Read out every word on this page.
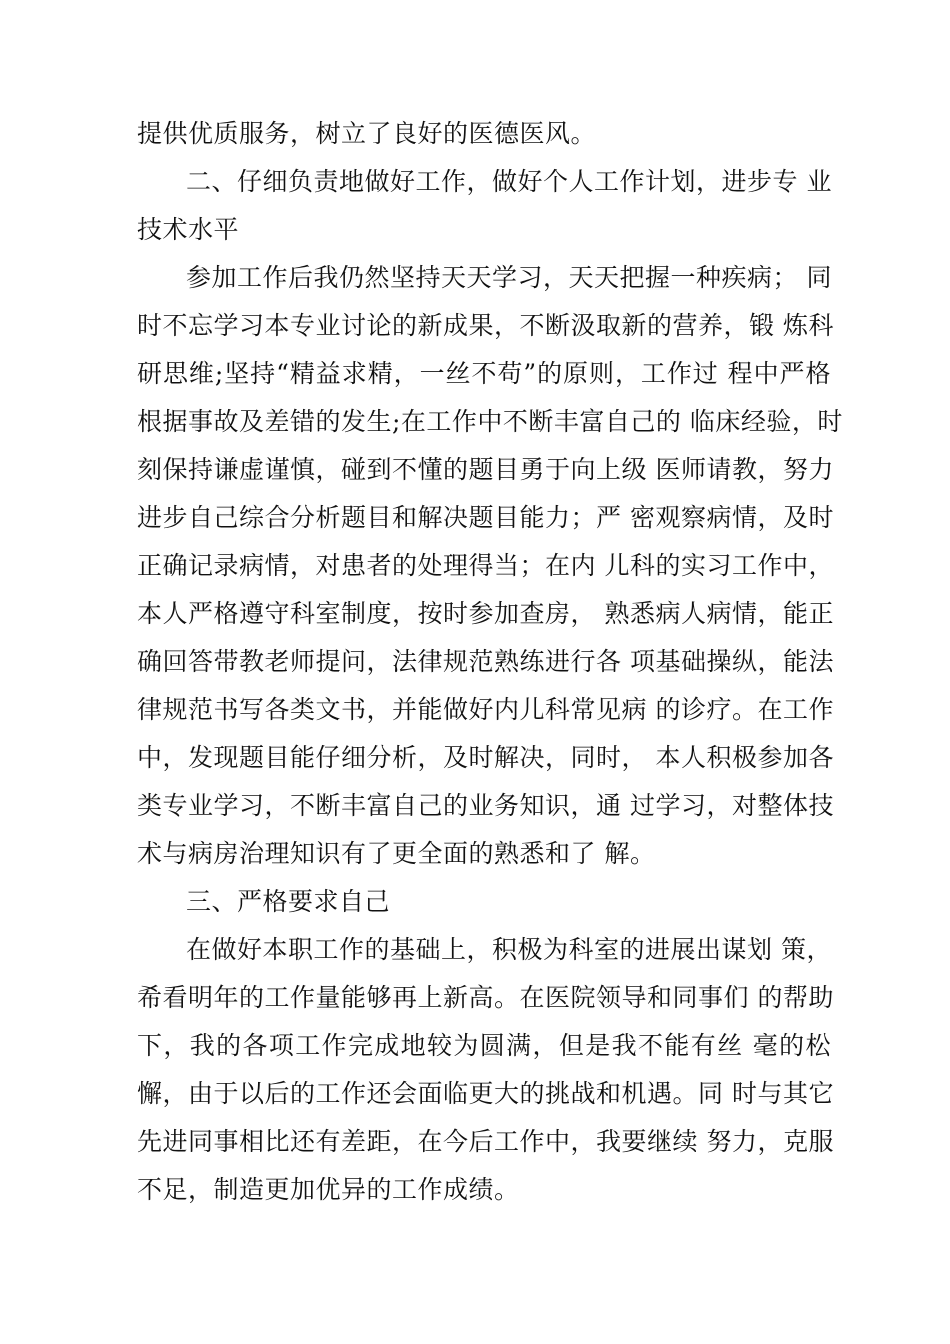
提供优质服务，树立了良好的医德医风。
二、仔细负责地做好工作，做好个人工作计划，进步专 业
技术水平
参加工作后我仍然坚持天天学习，天天把握一种疾病； 同
时不忘学习本专业讨论的新成果，不断汲取新的营养，锻 炼科
研思维;坚持“精益求精，一丝不苟”的原则，工作过 程中严格
根据事故及差错的发生;在工作中不断丰富自己的 临床经验，时
刻保持谦虚谨慎，碰到不懂的题目勇于向上级 医师请教，努力
进步自己综合分析题目和解决题目能力；严 密观察病情，及时
正确记录病情，对患者的处理得当；在内 儿科的实习工作中，
本人严格遵守科室制度，按时参加查房， 熟悉病人病情，能正
确回答带教老师提问，法律规范熟练进行各 项基础操纵，能法
律规范书写各类文书，并能做好内儿科常见病 的诊疗。在工作
中，发现题目能仔细分析，及时解决，同时， 本人积极参加各
类专业学习，不断丰富自己的业务知识，通 过学习，对整体技
术与病房治理知识有了更全面的熟悉和了 解。
三、严格要求自己
在做好本职工作的基础上，积极为科室的进展出谋划 策，
希看明年的工作量能够再上新高。在医院领导和同事们 的帮助
下，我的各项工作完成地较为圆满，但是我不能有丝 毫的松
懈，由于以后的工作还会面临更大的挑战和机遇。同 时与其它
先进同事相比还有差距，在今后工作中，我要继续 努力，克服
不足，制造更加优异的工作成绩。
